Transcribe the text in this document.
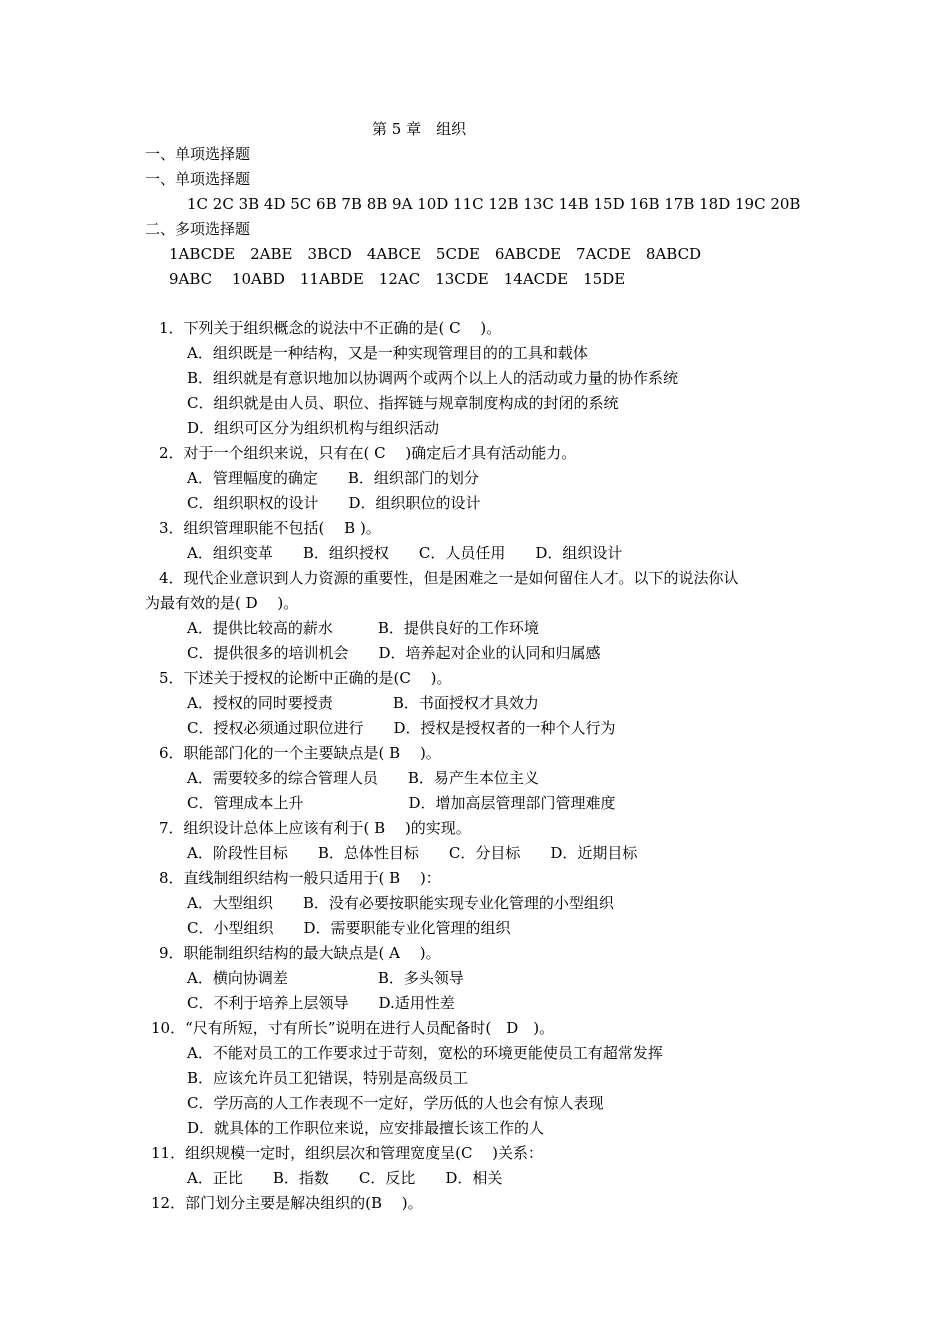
第 5 章　组织
一、单项选择题
一、单项选择题
1C 2C 3B 4D 5C 6B 7B 8B 9A 10D 11C 12B 13C 14B 15D 16B 17B 18D 19C 20B
二、多项选择题
1ABCDE　2ABE　3BCD　4ABCE　5CDE　6ABCDE　7ACDE　8ABCD
9ABC　 10ABD　11ABDE　12AC　13CDE　14ACDE　15DE
1．下列关于组织概念的说法中不正确的是( C　 )。
A．组织既是一种结构，又是一种实现管理目的的工具和载体
B．组织就是有意识地加以协调两个或两个以上人的活动或力量的协作系统
C．组织就是由人员、职位、指挥链与规章制度构成的封闭的系统
D．组织可区分为组织机构与组织活动
2．对于一个组织来说，只有在( C　 )确定后才具有活动能力。
A．管理幅度的确定　　B．组织部门的划分
C．组织职权的设计　　D．组织职位的设计
3．组织管理职能不包括(　 B )。
A．组织变革　　B．组织授权　　C．人员任用　　D．组织设计
4．现代企业意识到人力资源的重要性，但是困难之一是如何留住人才。以下的说法你认
为最有效的是( D　 )。
A．提供比较高的薪水　　　B．提供良好的工作环境
C．提供很多的培训机会　　D．培养起对企业的认同和归属感
5．下述关于授权的论断中正确的是(C　 )。
A．授权的同时要授责　　　　B．书面授权才具效力
C．授权必须通过职位进行　　D．授权是授权者的一种个人行为
6．职能部门化的一个主要缺点是( B　 )。
A．需要较多的综合管理人员　　B．易产生本位主义
C．管理成本上升　　　　　　　D．增加高层管理部门管理难度
7．组织设计总体上应该有利于( B　 )的实现。
A．阶段性目标　　B．总体性目标　　C．分目标　　D．近期目标
8．直线制组织结构一般只适用于( B　 )：
A．大型组织　　B．没有必要按职能实现专业化管理的小型组织
C．小型组织　　D．需要职能专业化管理的组织
9．职能制组织结构的最大缺点是( A　 )。
A．横向协调差　　　　　　B．多头领导
C．不利于培养上层领导　　D.适用性差
10．“尺有所短，寸有所长”说明在进行人员配备时(　D　)。
A．不能对员工的工作要求过于苛刻，宽松的环境更能使员工有超常发挥
B．应该允许员工犯错误，特别是高级员工
C．学历高的人工作表现不一定好，学历低的人也会有惊人表现
D．就具体的工作职位来说，应安排最擅长该工作的人
11．组织规模一定时，组织层次和管理宽度呈(C　 )关系：
A．正比　　B．指数　　C．反比　　D．相关
12．部门划分主要是解决组织的(B　 )。
